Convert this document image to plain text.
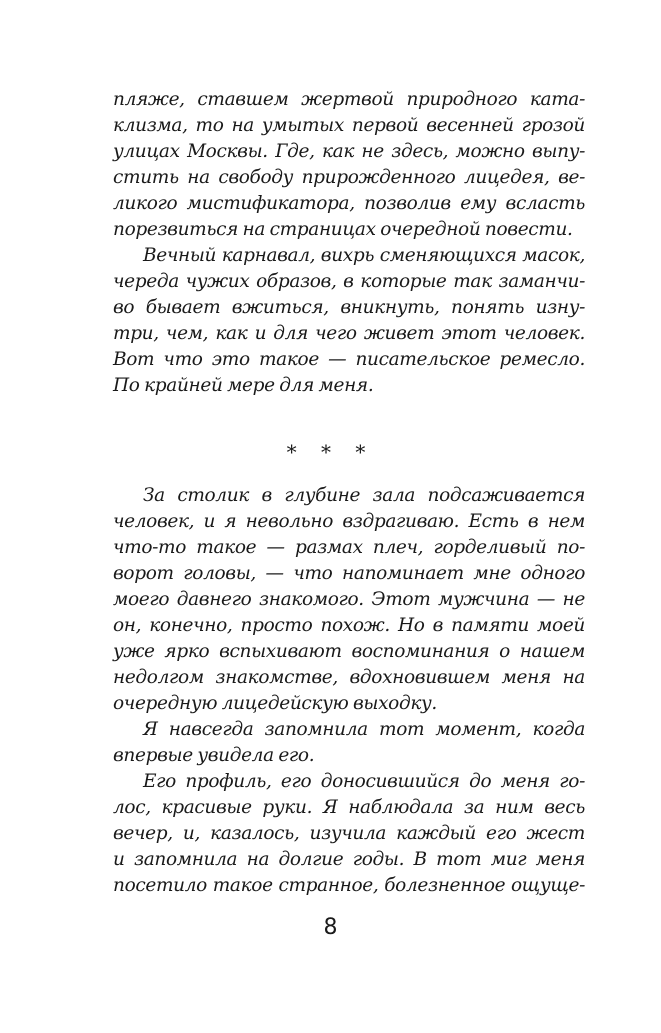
пляже, ставшем жертвой природного ката-
клизма, то на умытых первой весенней грозой
улицах Москвы. Где, как не здесь, можно выпу-
стить на свободу прирожденного лицедея, ве-
ликого мистификатора, позволив ему всласть
порезвиться на страницах очередной повести.
Вечный карнавал, вихрь сменяющихся масок,
череда чужих образов, в которые так заманчи-
во бывает вжиться, вникнуть, понять изну-
три, чем, как и для чего живет этот человек.
Вот что это такое — писательское ремесло.
По крайней мере для меня.
* * *
За столик в глубине зала подсаживается
человек, и я невольно вздрагиваю. Есть в нем
что-то такое — размах плеч, горделивый по-
ворот головы, — что напоминает мне одного
моего давнего знакомого. Этот мужчина — не
он, конечно, просто похож. Но в памяти моей
уже ярко вспыхивают воспоминания о нашем
недолгом знакомстве, вдохновившем меня на
очередную лицедейскую выходку.
Я навсегда запомнила тот момент, когда
впервые увидела его.
Его профиль, его доносившийся до меня го-
лос, красивые руки. Я наблюдала за ним весь
вечер, и, казалось, изучила каждый его жест
и запомнила на долгие годы. В тот миг меня
посетило такое странное, болезненное ощуще-
8
